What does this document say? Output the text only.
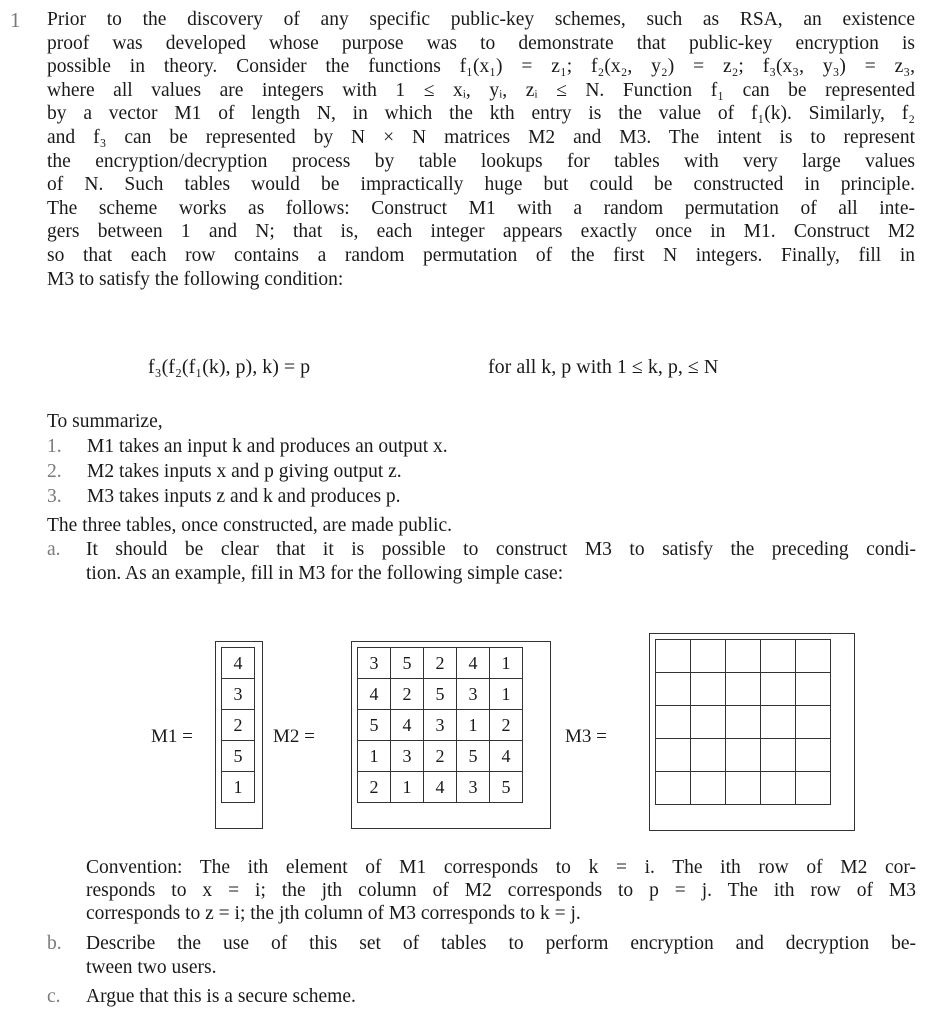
1 Prior to the discovery of any specific public-key schemes, such as RSA, an existence
proof was developed whose purpose was to demonstrate that public-key encryption is
possible in theory. Consider the functions f₁(x₁) = z₁; f₂(x₂, y₂) = z₂; f₃(x₃, y₃) = z₃,
where all values are integers with 1 ≤ xᵢ, yᵢ, zᵢ ≤ N. Function f₁ can be represented
by a vector M1 of length N, in which the kth entry is the value of f₁(k). Similarly, f₂
and f₃ can be represented by N × N matrices M2 and M3. The intent is to represent
the encryption/decryption process by table lookups for tables with very large values
of N. Such tables would be impractically huge but could be constructed in principle.
The scheme works as follows: Construct M1 with a random permutation of all inte-
gers between 1 and N; that is, each integer appears exactly once in M1. Construct M2
so that each row contains a random permutation of the first N integers. Finally, fill in
M3 to satisfy the following condition:
f₃(f₂(f₁(k), p), k) = p	for all k, p with 1 ≤ k, p, ≤ N
To summarize,
1. M1 takes an input k and produces an output x.
2. M2 takes inputs x and p giving output z.
3. M3 takes inputs z and k and produces p.
The three tables, once constructed, are made public.
a. It should be clear that it is possible to construct M3 to satisfy the preceding condi-
tion. As an example, fill in M3 for the following simple case:
M1 =
4
3
2
5
1
M2 =
3	5	2	4	1
4	2	5	3	1
5	4	3	1	2
1	3	2	5	4
2	1	4	3	5
M3 =

Convention: The ith element of M1 corresponds to k = i. The ith row of M2 cor-
responds to x = i; the jth column of M2 corresponds to p = j. The ith row of M3
corresponds to z = i; the jth column of M3 corresponds to k = j.
b. Describe the use of this set of tables to perform encryption and decryption be-
tween two users.
c. Argue that this is a secure scheme.
